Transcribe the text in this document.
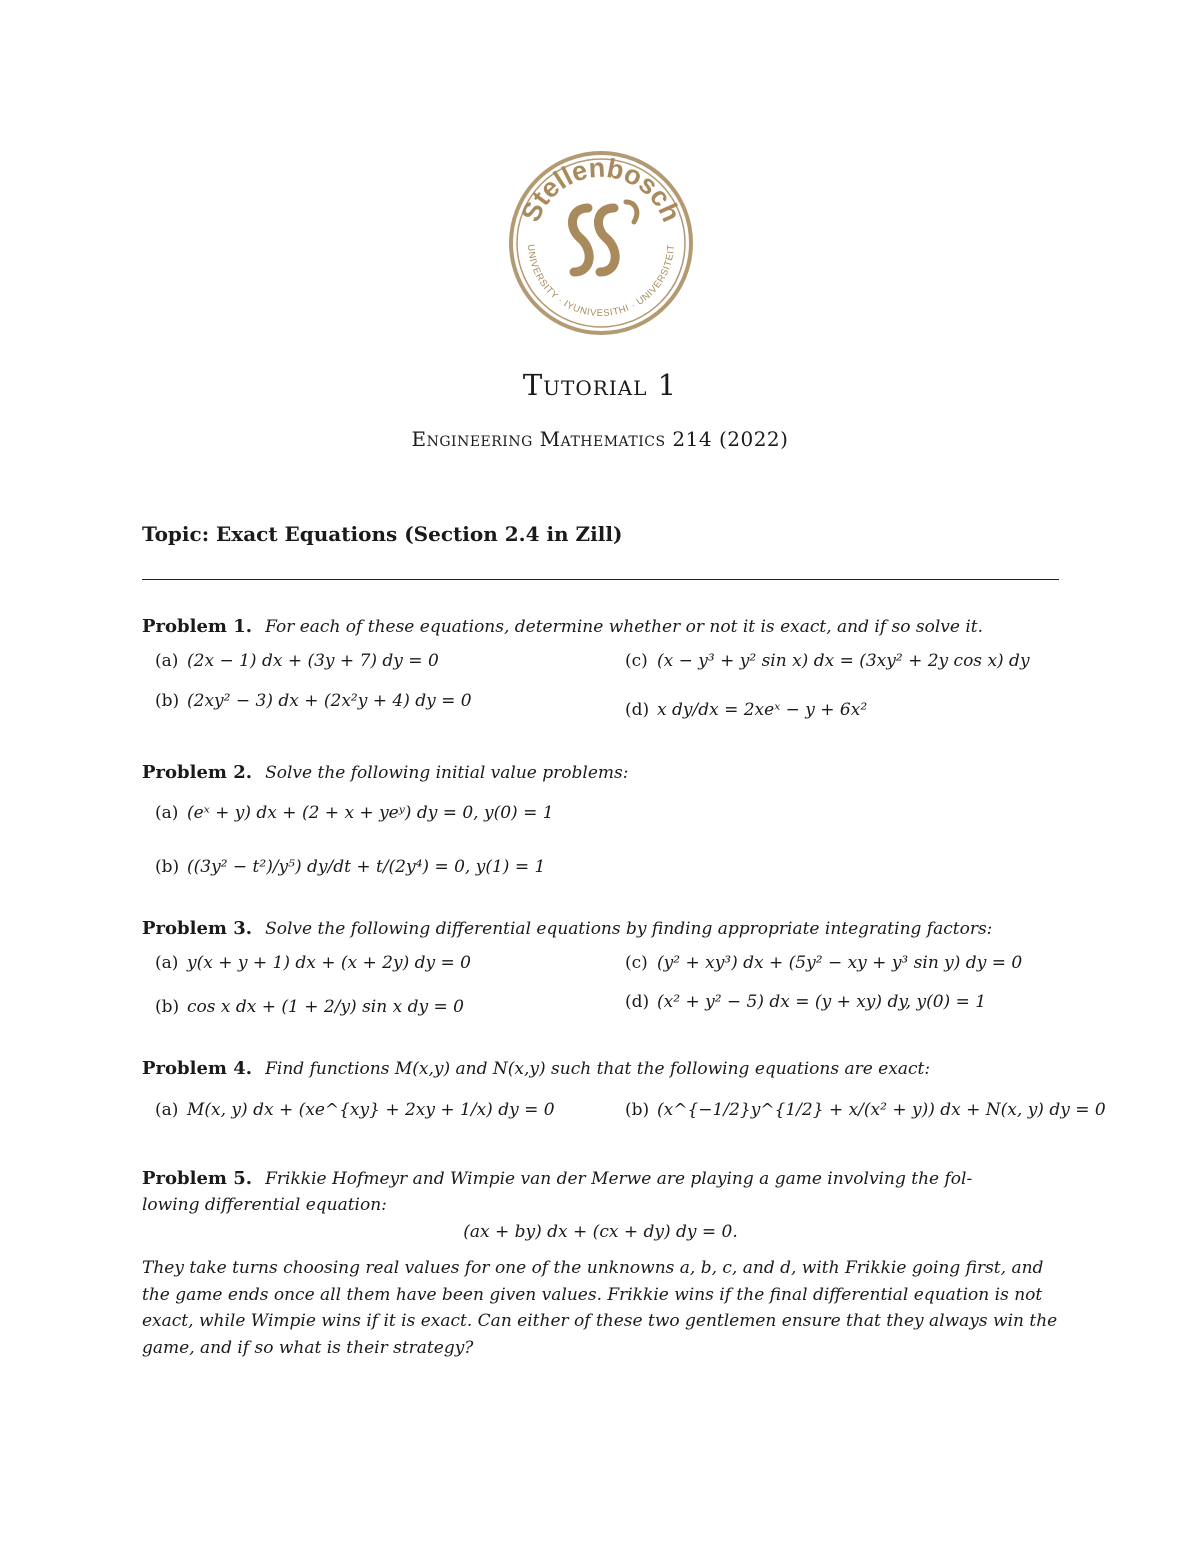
Stellenbosch
UNIVERSITY · IYUNIVESITHI · UNIVERSITEIT
Tutorial 1
Engineering Mathematics 214 (2022)
Topic: Exact Equations (Section 2.4 in Zill)
Problem 1. For each of these equations, determine whether or not it is exact, and if so solve it.
(a) (2x − 1) dx + (3y + 7) dy = 0
(b) (2xy² − 3) dx + (2x²y + 4) dy = 0
(c) (x − y³ + y² sin x) dx = (3xy² + 2y cos x) dy
(d) x dy/dx = 2xeˣ − y + 6x²
Problem 2. Solve the following initial value problems:
(a) (eˣ + y) dx + (2 + x + yeʸ) dy = 0, y(0) = 1
(b) ((3y² − t²)/y⁵) dy/dt + t/(2y⁴) = 0, y(1) = 1
Problem 3. Solve the following differential equations by finding appropriate integrating factors:
(a) y(x + y + 1) dx + (x + 2y) dy = 0
(b) cos x dx + (1 + 2/y) sin x dy = 0
(c) (y² + xy³) dx + (5y² − xy + y³ sin y) dy = 0
(d) (x² + y² − 5) dx = (y + xy) dy, y(0) = 1
Problem 4. Find functions M(x,y) and N(x,y) such that the following equations are exact:
(a) M(x, y) dx + (xe^{xy} + 2xy + 1/x) dy = 0	(b) (x^{−1/2}y^{1/2} + x/(x² + y)) dx + N(x, y) dy = 0
Problem 5. Frikkie Hofmeyr and Wimpie van der Merwe are playing a game involving the fol-
lowing differential equation:
(ax + by) dx + (cx + dy) dy = 0.
They take turns choosing real values for one of the unknowns a, b, c, and d, with Frikkie going first, and the game ends once all them have been given values. Frikkie wins if the final differential equation is not exact, while Wimpie wins if it is exact. Can either of these two gentlemen ensure that they always win the game, and if so what is their strategy?
